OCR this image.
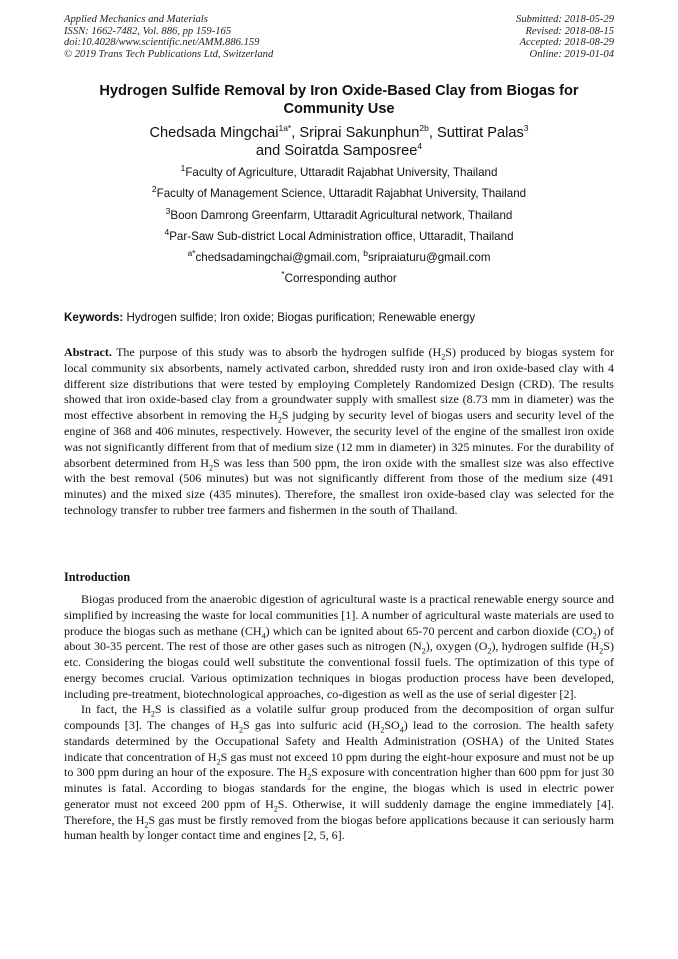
Applied Mechanics and Materials
ISSN: 1662-7482, Vol. 886, pp 159-165
doi:10.4028/www.scientific.net/AMM.886.159
© 2019 Trans Tech Publications Ltd, Switzerland
Submitted: 2018-05-29
Revised: 2018-08-15
Accepted: 2018-08-29
Online: 2019-01-04
Hydrogen Sulfide Removal by Iron Oxide-Based Clay from Biogas for
Community Use
Chedsada Mingchai$^{1a*}$, Sriprai Sakunphun$^{2b}$, Suttirat Palas$^3$
and Soiratda Samposree$^4$
$^1$Faculty of Agriculture, Uttaradit Rajabhat University, Thailand
$^2$Faculty of Management Science, Uttaradit Rajabhat University, Thailand
$^3$Boon Damrong Greenfarm, Uttaradit Agricultural network, Thailand
$^4$Par-Saw Sub-district Local Administration office, Uttaradit, Thailand
$^{a*}$chedsadamingchai@gmail.com, $^b$sripraiaturu@gmail.com
*Corresponding author
Keywords: Hydrogen sulfide; Iron oxide; Biogas purification; Renewable energy
Abstract. The purpose of this study was to absorb the hydrogen sulfide $(H_2S)$ produced by biogas system for local community six absorbents, namely activated carbon, shredded rusty iron and iron oxide-based clay with 4 different size distributions that were tested by employing Completely Randomized Design (CRD). The results showed that iron oxide-based clay from a groundwater supply with smallest size (8.73 mm in diameter) was the most effective absorbent in removing the $H_2S$ judging by security level of biogas users and security level of the engine of 368 and 406 minutes, respectively. However, the security level of the engine of the smallest iron oxide was not significantly different from that of medium size (12 mm in diameter) in 325 minutes. For the durability of absorbent determined from $H_2S$ was less than 500 ppm, the iron oxide with the smallest size was also effective with the best removal (506 minutes) but was not significantly different from those of the medium size (491 minutes) and the mixed size (435 minutes). Therefore, the smallest iron oxide-based clay was selected for the technology transfer to rubber tree farmers and fishermen in the south of Thailand.
Introduction

Biogas produced from the anaerobic digestion of agricultural waste is a practical renewable energy source and simplified by increasing the waste for local communities [1]. A number of agricultural waste materials are used to produce the biogas such as methane $(CH_4)$ which can be ignited about 65-70 percent and carbon dioxide $(CO_2)$ of about 30-35 percent. The rest of those are other gases such as nitrogen $(N_2)$, oxygen $(O_2)$, hydrogen sulfide $(H_2S)$ etc. Considering the biogas could well substitute the conventional fossil fuels. The optimization of this type of energy becomes crucial. Various optimization techniques in biogas production process have been developed, including pre-treatment, biotechnological approaches, co-digestion as well as the use of serial digester [2].

In fact, the $H_2S$ is classified as a volatile sulfur group produced from the decomposition of organ sulfur compounds [3]. The changes of $H_2S$ gas into sulfuric acid $(H_2SO_4)$ lead to the corrosion. The health safety standards determined by the Occupational Safety and Health Administration (OSHA) of the United States indicate that concentration of $H_2S$ gas must not exceed 10 ppm during the eight-hour exposure and must not be up to 300 ppm during an hour of the exposure. The $H_2S$ exposure with concentration higher than 600 ppm for just 30 minutes is fatal. According to biogas standards for the engine, the biogas which is used in electric power generator must not exceed 200 ppm of $H_2S$. Otherwise, it will suddenly damage the engine immediately [4]. Therefore, the $H_2S$ gas must be firstly removed from the biogas before applications because it can seriously harm human health by longer contact time and engines [2, 5, 6].
